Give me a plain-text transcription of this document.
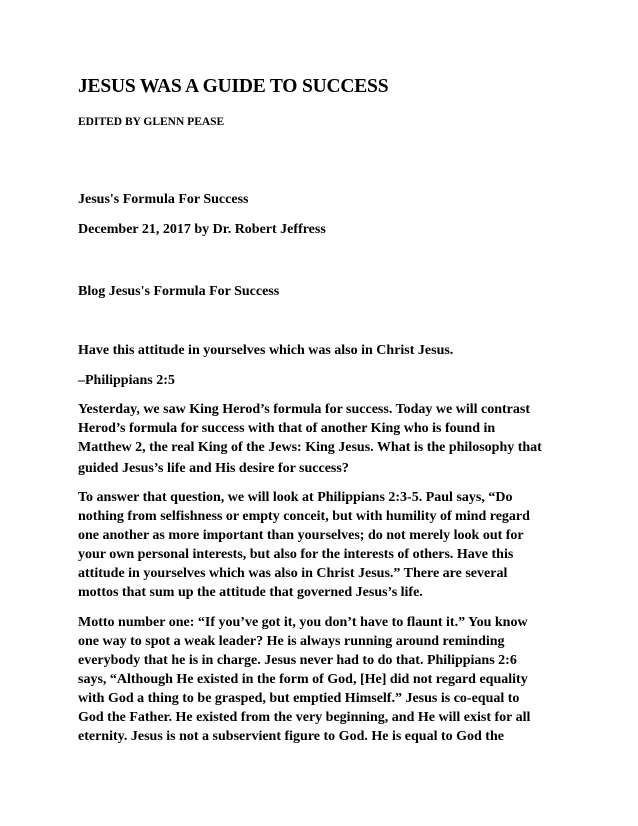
JESUS WAS A GUIDE TO SUCCESS
EDITED BY GLENN PEASE
Jesus's Formula For Success
December 21, 2017 by Dr. Robert Jeffress
Blog Jesus's Formula For Success
Have this attitude in yourselves which was also in Christ Jesus.
–Philippians 2:5
Yesterday, we saw King Herod’s formula for success. Today we will contrast
Herod’s formula for success with that of another King who is found in
Matthew 2, the real King of the Jews: King Jesus. What is the philosophy that
guided Jesus’s life and His desire for success?
To answer that question, we will look at Philippians 2:3-5. Paul says, “Do
nothing from selfishness or empty conceit, but with humility of mind regard
one another as more important than yourselves; do not merely look out for
your own personal interests, but also for the interests of others. Have this
attitude in yourselves which was also in Christ Jesus.” There are several
mottos that sum up the attitude that governed Jesus’s life.
Motto number one: “If you’ve got it, you don’t have to flaunt it.” You know
one way to spot a weak leader? He is always running around reminding
everybody that he is in charge. Jesus never had to do that. Philippians 2:6
says, “Although He existed in the form of God, [He] did not regard equality
with God a thing to be grasped, but emptied Himself.” Jesus is co-equal to
God the Father. He existed from the very beginning, and He will exist for all
eternity. Jesus is not a subservient figure to God. He is equal to God the
